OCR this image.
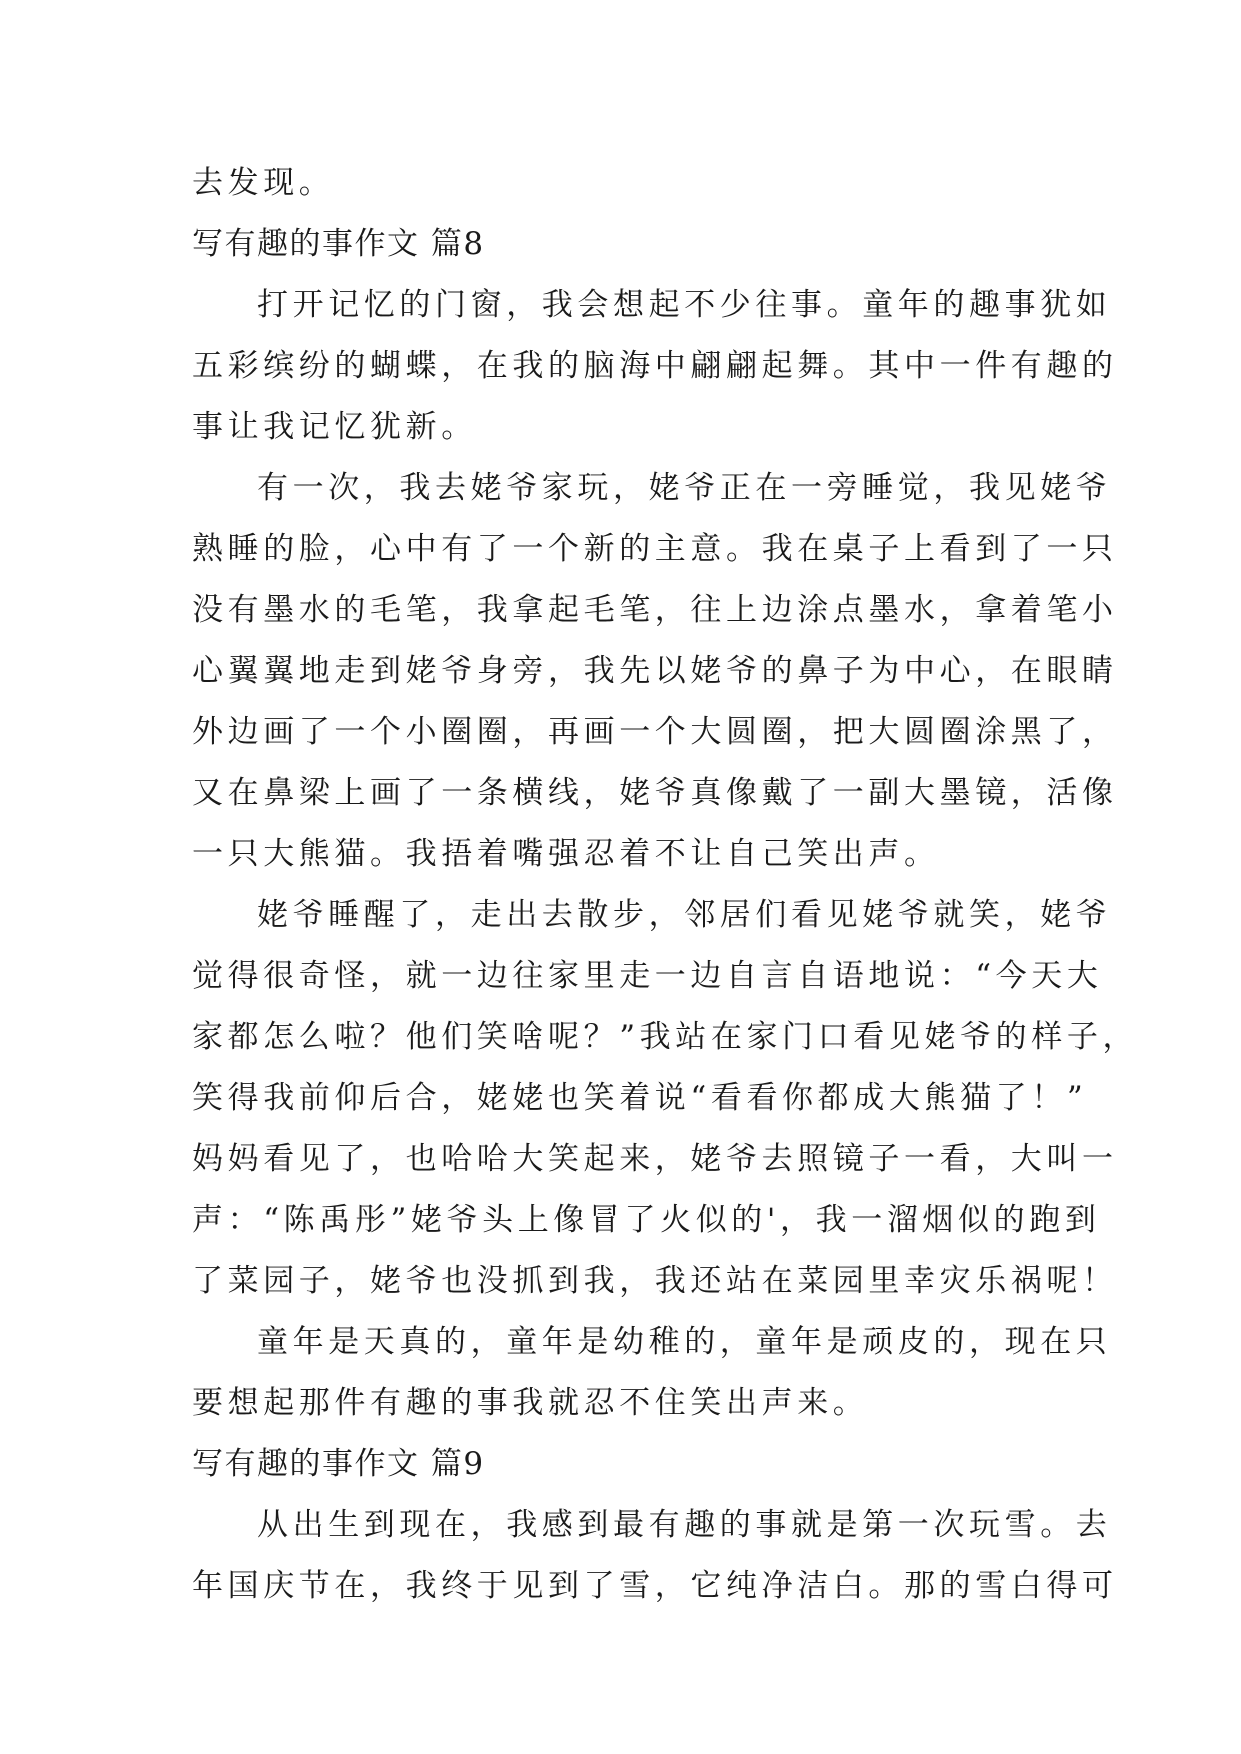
去发现。
写有趣的事作文 篇8
打开记忆的门窗，我会想起不少往事。童年的趣事犹如
五彩缤纷的蝴蝶，在我的脑海中翩翩起舞。其中一件有趣的
事让我记忆犹新。
有一次，我去姥爷家玩，姥爷正在一旁睡觉，我见姥爷
熟睡的脸，心中有了一个新的主意。我在桌子上看到了一只
没有墨水的毛笔，我拿起毛笔，往上边涂点墨水，拿着笔小
心翼翼地走到姥爷身旁，我先以姥爷的鼻子为中心，在眼睛
外边画了一个小圈圈，再画一个大圆圈，把大圆圈涂黑了，
又在鼻梁上画了一条横线，姥爷真像戴了一副大墨镜，活像
一只大熊猫。我捂着嘴强忍着不让自己笑出声。
姥爷睡醒了，走出去散步，邻居们看见姥爷就笑，姥爷
觉得很奇怪，就一边往家里走一边自言自语地说：“今天大
家都怎么啦？他们笑啥呢？”我站在家门口看见姥爷的样子，
笑得我前仰后合，姥姥也笑着说“看看你都成大熊猫了！”
妈妈看见了，也哈哈大笑起来，姥爷去照镜子一看，大叫一
声：“陈禹彤”姥爷头上像冒了火似的'，我一溜烟似的跑到
了菜园子，姥爷也没抓到我，我还站在菜园里幸灾乐祸呢！
童年是天真的，童年是幼稚的，童年是顽皮的，现在只
要想起那件有趣的事我就忍不住笑出声来。
写有趣的事作文 篇9
从出生到现在，我感到最有趣的事就是第一次玩雪。去
年国庆节在，我终于见到了雪，它纯净洁白。那的雪白得可
